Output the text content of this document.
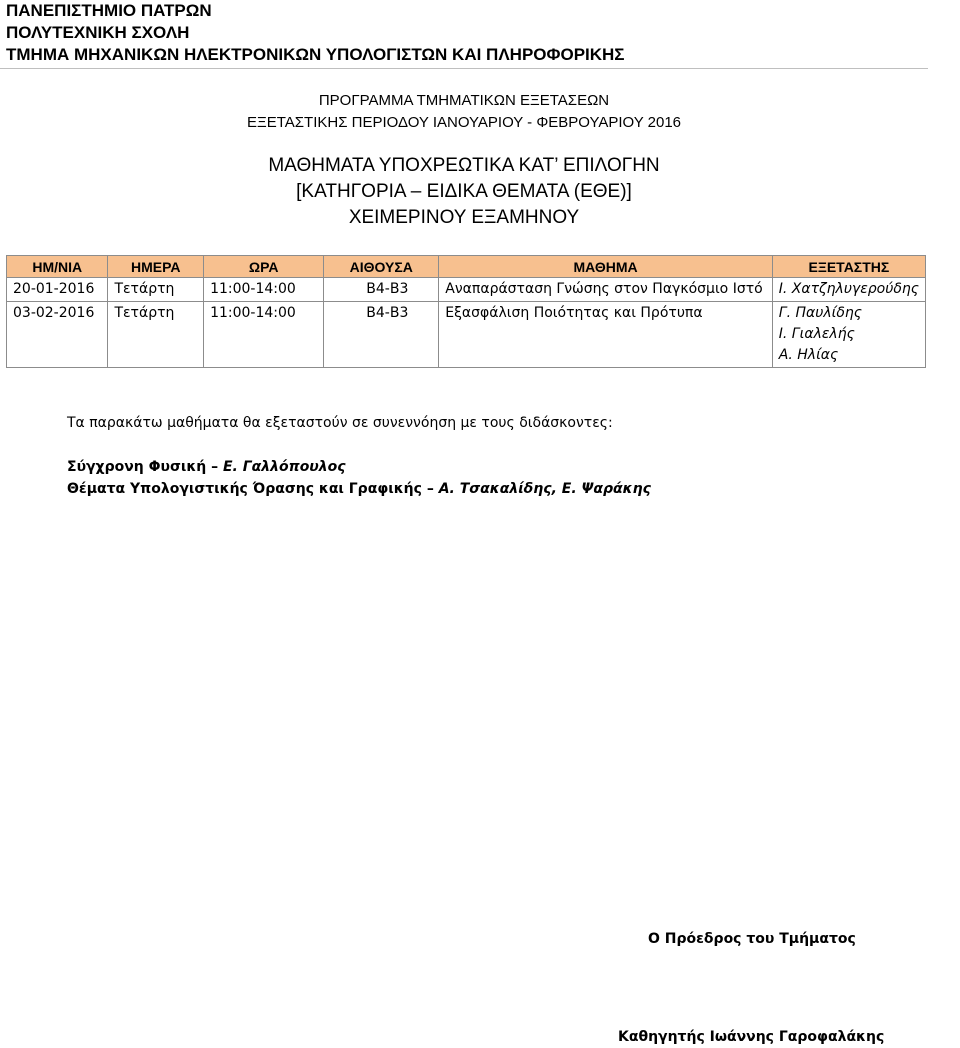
ΠΑΝΕΠΙΣΤΗΜΙΟ ΠΑΤΡΩΝ
ΠΟΛΥΤΕΧΝΙΚΗ ΣΧΟΛΗ
ΤΜΗΜΑ ΜΗΧΑΝΙΚΩΝ ΗΛΕΚΤΡΟΝΙΚΩΝ ΥΠΟΛΟΓΙΣΤΩΝ ΚΑΙ ΠΛΗΡΟΦΟΡΙΚΗΣ
ΠΡΟΓΡΑΜΜΑ ΤΜΗΜΑΤΙΚΩΝ ΕΞΕΤΑΣΕΩΝ
ΕΞΕΤΑΣΤΙΚΗΣ ΠΕΡΙΟΔΟΥ ΙΑΝΟΥΑΡΙΟΥ - ΦΕΒΡΟΥΑΡΙΟΥ 2016
ΜΑΘΗΜΑΤΑ ΥΠΟΧΡΕΩΤΙΚΑ ΚΑΤ’ ΕΠΙΛΟΓΗΝ
[ΚΑΤΗΓΟΡΙΑ – ΕΙΔΙΚΑ ΘΕΜΑΤΑ (ΕΘΕ)]
ΧΕΙΜΕΡΙΝΟΥ ΕΞΑΜΗΝΟΥ
ΗΜ/ΝΙΑ	ΗΜΕΡΑ	ΩΡΑ	ΑΙΘΟΥΣΑ	ΜΑΘΗΜΑ	ΕΞΕΤΑΣΤΗΣ
20-01-2016	Τετάρτη	11:00-14:00	Β4-Β3	Αναπαράσταση Γνώσης στον Παγκόσμιο Ιστό	Ι. Χατζηλυγερούδης

03-02-2016	Τετάρτη	11:00-14:00	Β4-Β3	Εξασφάλιση Ποιότητας και Πρότυπα	Γ. Παυλίδης
Ι. Γιαλελής
Α. Ηλίας
Τα παρακάτω μαθήματα θα εξεταστούν σε συνεννόηση με τους διδάσκοντες:
Σύγχρονη Φυσική – Ε. Γαλλόπουλος
Θέματα Υπολογιστικής Όρασης και Γραφικής – Α. Τσακαλίδης, Ε. Ψαράκης
Ο Πρόεδρος του Τμήματος
Καθηγητής Ιωάννης Γαροφαλάκης
